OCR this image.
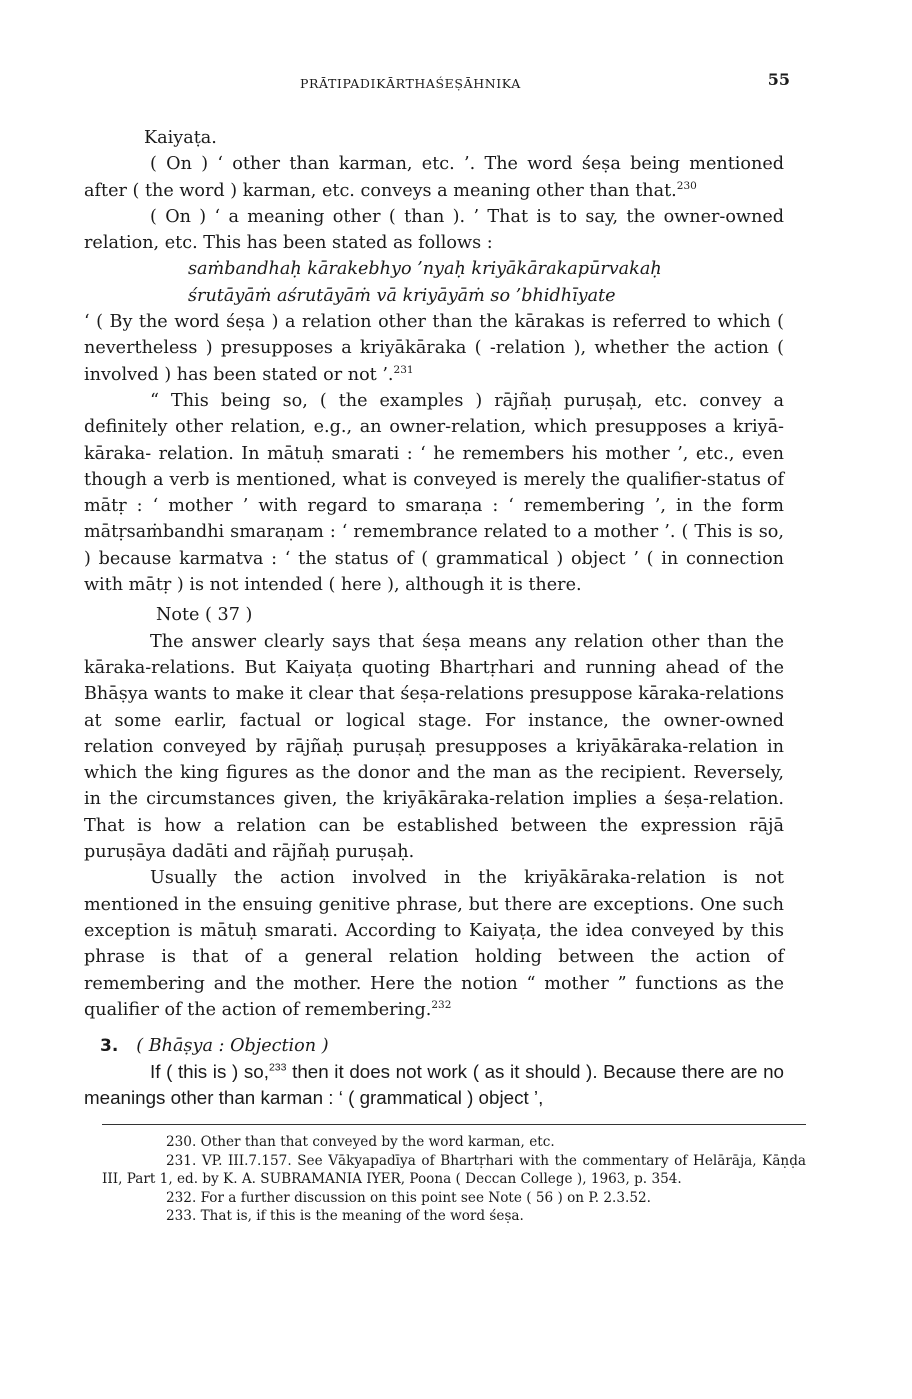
PRĀTIPADIKĀRTHAŚEṢĀHNIKA	55

Kaiyaṭa.

( On ) ‘ other than karman, etc. ’. The word śeṣa being mentioned after ( the word ) karman, etc. conveys a meaning other than that.$^{230}$

( On ) ‘ a meaning other ( than ). ’ That is to say, the owner-owned relation, etc. This has been stated as follows :

saṁbandhaḥ kārakebhyo ’nyaḥ kriyākārakapūrvakaḥ

śrutāyāṁ aśrutāyāṁ vā kriyāyāṁ so ’bhidhīyate

‘ ( By the word śeṣa ) a relation other than the kārakas is referred to which ( nevertheless ) presupposes a kriyākāraka ( -relation ), whether the action ( involved ) has been stated or not ’.$^{231}$

“ This being so, ( the examples ) rājñaḥ puruṣaḥ, etc. convey a definitely other relation, e.g., an owner-relation, which presupposes a kriyā-kāraka- relation. In mātuḥ smarati : ‘ he remembers his mother ’, etc., even though a verb is mentioned, what is conveyed is merely the qualifier-status of mātṛ : ‘ mother ’ with regard to smaraṇa : ‘ remembering ’, in the form mātṛsaṁbandhi smaraṇam : ‘ remembrance related to a mother ’. ( This is so, ) because karmatva : ‘ the status of ( grammatical ) object ’ ( in connection with mātṛ ) is not intended ( here ), although it is there.

Note ( 37 )

The answer clearly says that śeṣa means any relation other than the kāraka-relations. But Kaiyaṭa quoting Bhartṛhari and running ahead of the Bhāṣya wants to make it clear that śeṣa-relations presuppose kāraka-relations at some earlir, factual or logical stage. For instance, the owner-owned relation conveyed by rājñaḥ puruṣaḥ presupposes a kriyākāraka-relation in which the king figures as the donor and the man as the recipient. Reversely, in the circumstances given, the kriyākāraka-relation implies a śeṣa-relation. That is how a relation can be established between the expression rājā puruṣāya dadāti and rājñaḥ puruṣaḥ.

Usually the action involved in the kriyākāraka-relation is not mentioned in the ensuing genitive phrase, but there are exceptions. One such exception is mātuḥ smarati. According to Kaiyaṭa, the idea conveyed by this phrase is that of a general relation holding between the action of remembering and the mother. Here the notion “ mother ” functions as the qualifier of the action of remembering.$^{232}$

3. ( Bhāṣya : Objection )

If ( this is ) so,$^{233}$ then it does not work ( as it should ). Because there are no meanings other than karman : ‘ ( grammatical ) object ’,

230. Other than that conveyed by the word karman, etc.

231. VP. III.7.157. See Vākyapadīya of Bhartṛhari with the commentary of Helārāja, Kāṇḍa III, Part 1, ed. by K. A. SUBRAMANIA IYER, Poona ( Deccan College ), 1963, p. 354.

232. For a further discussion on this point see Note ( 56 ) on P. 2.3.52.

233. That is, if this is the meaning of the word śeṣa.
